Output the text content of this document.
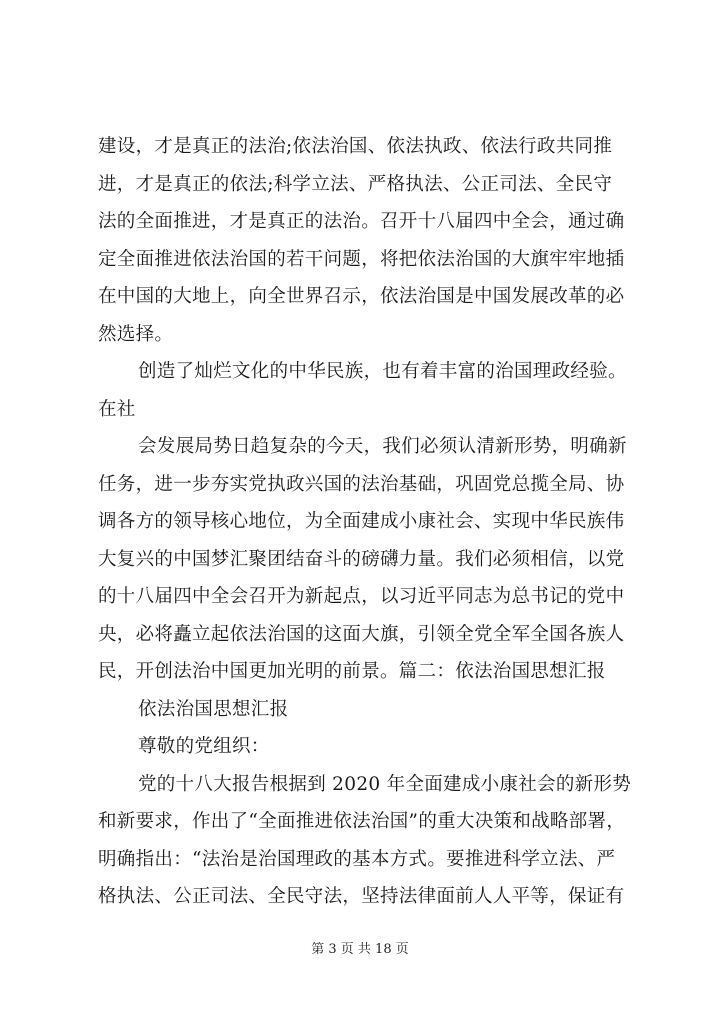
建设，才是真正的法治;依法治国、依法执政、依法行政共同推
进，才是真正的依法;科学立法、严格执法、公正司法、全民守
法的全面推进，才是真正的法治。召开十八届四中全会，通过确
定全面推进依法治国的若干问题，将把依法治国的大旗牢牢地插
在中国的大地上，向全世界召示，依法治国是中国发展改革的必
然选择。
创造了灿烂文化的中华民族，也有着丰富的治国理政经验。
在社
会发展局势日趋复杂的今天，我们必须认清新形势，明确新
任务，进一步夯实党执政兴国的法治基础，巩固党总揽全局、协
调各方的领导核心地位，为全面建成小康社会、实现中华民族伟
大复兴的中国梦汇聚团结奋斗的磅礴力量。我们必须相信，以党
的十八届四中全会召开为新起点，以习近平同志为总书记的党中
央，必将矗立起依法治国的这面大旗，引领全党全军全国各族人
民，开创法治中国更加光明的前景。篇二：依法治国思想汇报
依法治国思想汇报
尊敬的党组织：
党的十八大报告根据到 2020 年全面建成小康社会的新形势
和新要求，作出了“全面推进依法治国”的重大决策和战略部署，
明确指出：“法治是治国理政的基本方式。要推进科学立法、严
格执法、公正司法、全民守法，坚持法律面前人人平等，保证有
第 3 页 共 18 页
